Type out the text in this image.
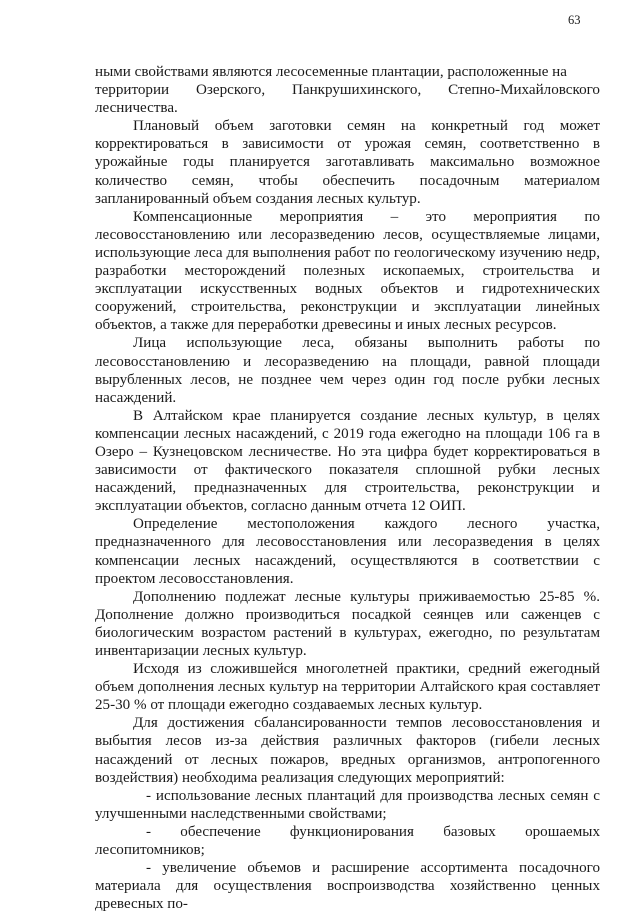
63

ными свойствами являются лесосеменные плантации, расположенные на

территории Озерского, Панкрушихинского, Степно-Михайловского

лесничества.

Плановый объем заготовки семян на конкретный год может корректироваться в зависимости от урожая семян, соответственно в урожайные годы планируется заготавливать максимально возможное количество семян, чтобы обеспечить посадочным материалом запланированный объем создания лесных культур.

Компенсационные мероприятия – это мероприятия по лесовосстановлению или лесоразведению лесов, осуществляемые лицами, использующие леса для выполнения работ по геологическому изучению недр, разработки месторождений полезных ископаемых, строительства и эксплуатации искусственных водных объектов и гидротехнических сооружений, строительства, реконструкции и эксплуатации линейных объектов, а также для переработки древесины и иных лесных ресурсов.

Лица использующие леса, обязаны выполнить работы по лесовосстановлению и лесоразведению на площади, равной площади вырубленных лесов, не позднее чем через один год после рубки лесных насаждений.

В Алтайском крае планируется создание лесных культур, в целях компенсации лесных насаждений, с 2019 года ежегодно на площади 106 га в Озеро – Кузнецовском лесничестве. Но эта цифра будет корректироваться в зависимости от фактического показателя сплошной рубки лесных насаждений, предназначенных для строительства, реконструкции и эксплуатации объектов, согласно данным отчета 12 ОИП.

Определение местоположения каждого лесного участка, предназначенного для лесовосстановления или лесоразведения в целях компенсации лесных насаждений, осуществляются в соответствии с проектом лесовосстановления.

Дополнению подлежат лесные культуры приживаемостью 25-85 %. Дополнение должно производиться посадкой сеянцев или саженцев с биологическим возрастом растений в культурах, ежегодно, по результатам инвентаризации лесных культур.

Исходя из сложившейся многолетней практики, средний ежегодный объем дополнения лесных культур на территории Алтайского края составляет 25-30 % от площади ежегодно создаваемых лесных культур.

Для достижения сбалансированности темпов лесовосстановления и выбытия лесов из-за действия различных факторов (гибели лесных насаждений от лесных пожаров, вредных организмов, антропогенного воздействия) необходима реализация следующих мероприятий:

- использование лесных плантаций для производства лесных семян с улучшенными наследственными свойствами;

- обеспечение функционирования базовых орошаемых лесопитомников;

- увеличение объемов и расширение ассортимента посадочного материала для осуществления воспроизводства хозяйственно ценных древесных по-
